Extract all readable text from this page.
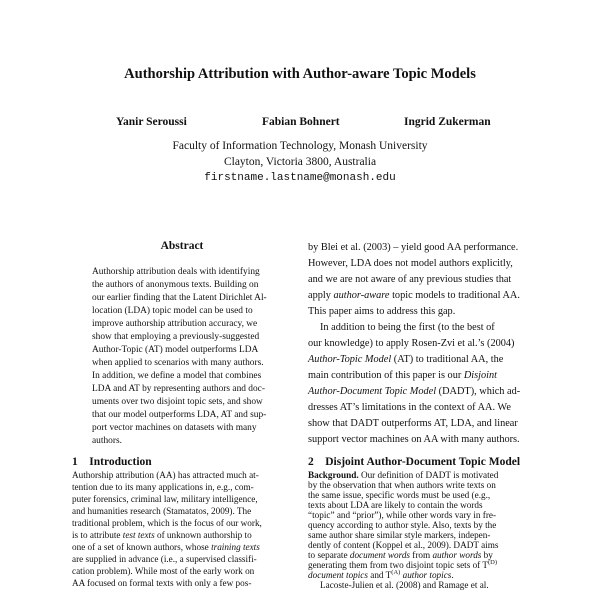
Authorship Attribution with Author-aware Topic Models
Yanir Seroussi	Fabian Bohnert	Ingrid Zukerman
Faculty of Information Technology, Monash University
Clayton, Victoria 3800, Australia
firstname.lastname@monash.edu
Abstract
Authorship attribution deals with identifying
the authors of anonymous texts. Building on
our earlier finding that the Latent Dirichlet Al-
location (LDA) topic model can be used to
improve authorship attribution accuracy, we
show that employing a previously-suggested
Author-Topic (AT) model outperforms LDA
when applied to scenarios with many authors.
In addition, we define a model that combines
LDA and AT by representing authors and doc-
uments over two disjoint topic sets, and show
that our model outperforms LDA, AT and sup-
port vector machines on datasets with many
authors.
1 Introduction
Authorship attribution (AA) has attracted much at-
tention due to its many applications in, e.g., com-
puter forensics, criminal law, military intelligence,
and humanities research (Stamatatos, 2009). The
traditional problem, which is the focus of our work,
is to attribute test texts of unknown authorship to
one of a set of known authors, whose training texts
are supplied in advance (i.e., a supervised classifi-
cation problem). While most of the early work on
AA focused on formal texts with only a few pos-
by Blei et al. (2003) – yield good AA performance.
However, LDA does not model authors explicitly,
and we are not aware of any previous studies that
apply author-aware topic models to traditional AA.
This paper aims to address this gap.
In addition to being the first (to the best of
our knowledge) to apply Rosen-Zvi et al.’s (2004)
Author-Topic Model (AT) to traditional AA, the
main contribution of this paper is our Disjoint
Author-Document Topic Model (DADT), which ad-
dresses AT’s limitations in the context of AA. We
show that DADT outperforms AT, LDA, and linear
support vector machines on AA with many authors.
2 Disjoint Author-Document Topic Model
Background. Our definition of DADT is motivated
by the observation that when authors write texts on
the same issue, specific words must be used (e.g.,
texts about LDA are likely to contain the words
“topic” and “prior”), while other words vary in fre-
quency according to author style. Also, texts by the
same author share similar style markers, indepen-
dently of content (Koppel et al., 2009). DADT aims
to separate document words from author words by
generating them from two disjoint topic sets of $T^{(D)}$
document topics and $T^{(A)}$ author topics.
Lacoste-Julien et al. (2008) and Ramage et al.
